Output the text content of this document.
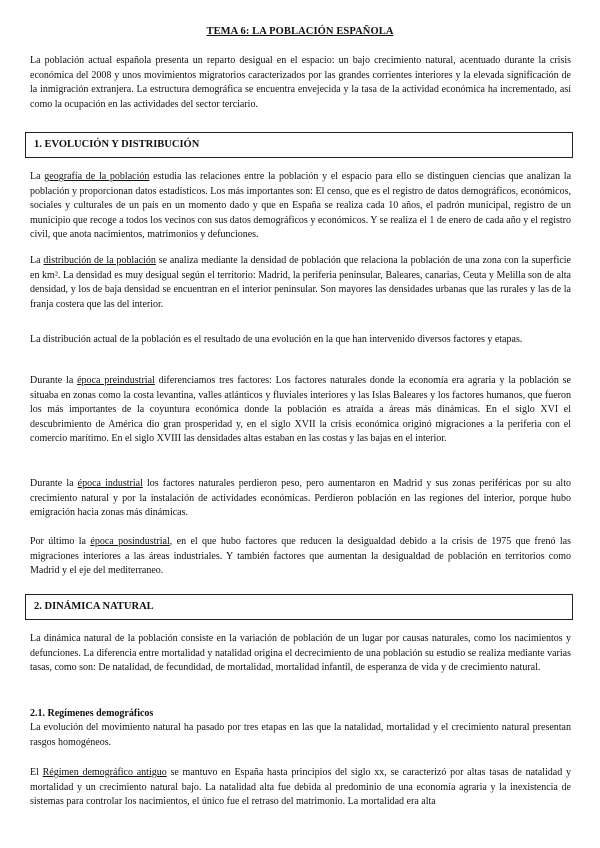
TEMA 6: LA POBLACIÓN ESPAÑOLA

La población actual española presenta un reparto desigual en el espacio: un bajo crecimiento natural, acentuado durante la crisis económica del 2008 y unos movimientos migratorios caracterizados por las grandes corrientes interiores y la elevada significación de la inmigración extranjera. La estructura demográfica se encuentra envejecida y la tasa de la actividad económica ha incrementado, así como la ocupación en las actividades del sector terciario.

1. EVOLUCIÓN Y DISTRIBUCIÓN

La geografía de la población estudia las relaciones entre la población y el espacio para ello se distinguen ciencias que analizan la población y proporcionan datos estadísticos. Los más importantes son: El censo, que es el registro de datos demográficos, económicos, sociales y culturales de un país en un momento dado y que en España se realiza cada 10 años, el padrón municipal, registro de un municipio que recoge a todos los vecinos con sus datos demográficos y económicos. Y se realiza el 1 de enero de cada año y el registro civil, que anota nacimientos, matrimonios y defunciones.

La distribución de la población se analiza mediante la densidad de población que relaciona la población de una zona con la superficie en km². La densidad es muy desigual según el territorio: Madrid, la periferia peninsular, Baleares, canarias, Ceuta y Melilla son de alta densidad, y los de baja densidad se encuentran en el interior peninsular. Son mayores las densidades urbanas que las rurales y las de la franja costera que las del interior.

La distribución actual de la población es el resultado de una evolución en la que han intervenido diversos factores y etapas.

Durante la época preindustrial diferenciamos tres factores: Los factores naturales donde la economía era agraria y la población se situaba en zonas como la costa levantina, valles atlánticos y fluviales interiores y las Islas Baleares y los factores humanos, que fueron los más importantes de la coyuntura económica donde la población es atraída a áreas más dinámicas. En el siglo XVI el descubrimiento de América dio gran prosperidad y, en el siglo XVII la crisis económica originó migraciones a la periferia con el comercio marítimo. En el siglo XVIII las densidades altas estaban en las costas y las bajas en el interior.

Durante la época industrial los factores naturales perdieron peso, pero aumentaron en Madrid y sus zonas periféricas por su alto crecimiento natural y por la instalación de actividades económicas. Perdieron población en las regiones del interior, porque hubo emigración hacia zonas más dinámicas.

Por último la época posindustrial, en el que hubo factores que reducen la desigualdad debido a la crisis de 1975 que frenó las migraciones interiores a las áreas industriales. Y también factores que aumentan la desigualdad de población en territorios como Madrid y el eje del mediterraneo.

2. DINÁMICA NATURAL

La dinámica natural de la población consiste en la variación de población de un lugar por causas naturales, como los nacimientos y defunciones. La diferencia entre mortalidad y natalidad origina el decrecimiento de una población su estudio se realiza mediante varias tasas, como son: De natalidad, de fecundidad, de mortalidad, mortalidad infantil, de esperanza de vida y de crecimiento natural.

2.1. Regímenes demográficos

La evolución del movimiento natural ha pasado por tres etapas en las que la natalidad, mortalidad y el crecimiento natural presentan rasgos homogéneos.

El Régimen demográfico antiguo se mantuvo en España hasta principios del siglo xx, se caracterizó por altas tasas de natalidad y mortalidad y un crecimiento natural bajo. La natalidad alta fue debida al predominio de una economía agraria y la inexistencia de sistemas para controlar los nacimientos, el único fue el retraso del matrimonio. La mortalidad era alta
